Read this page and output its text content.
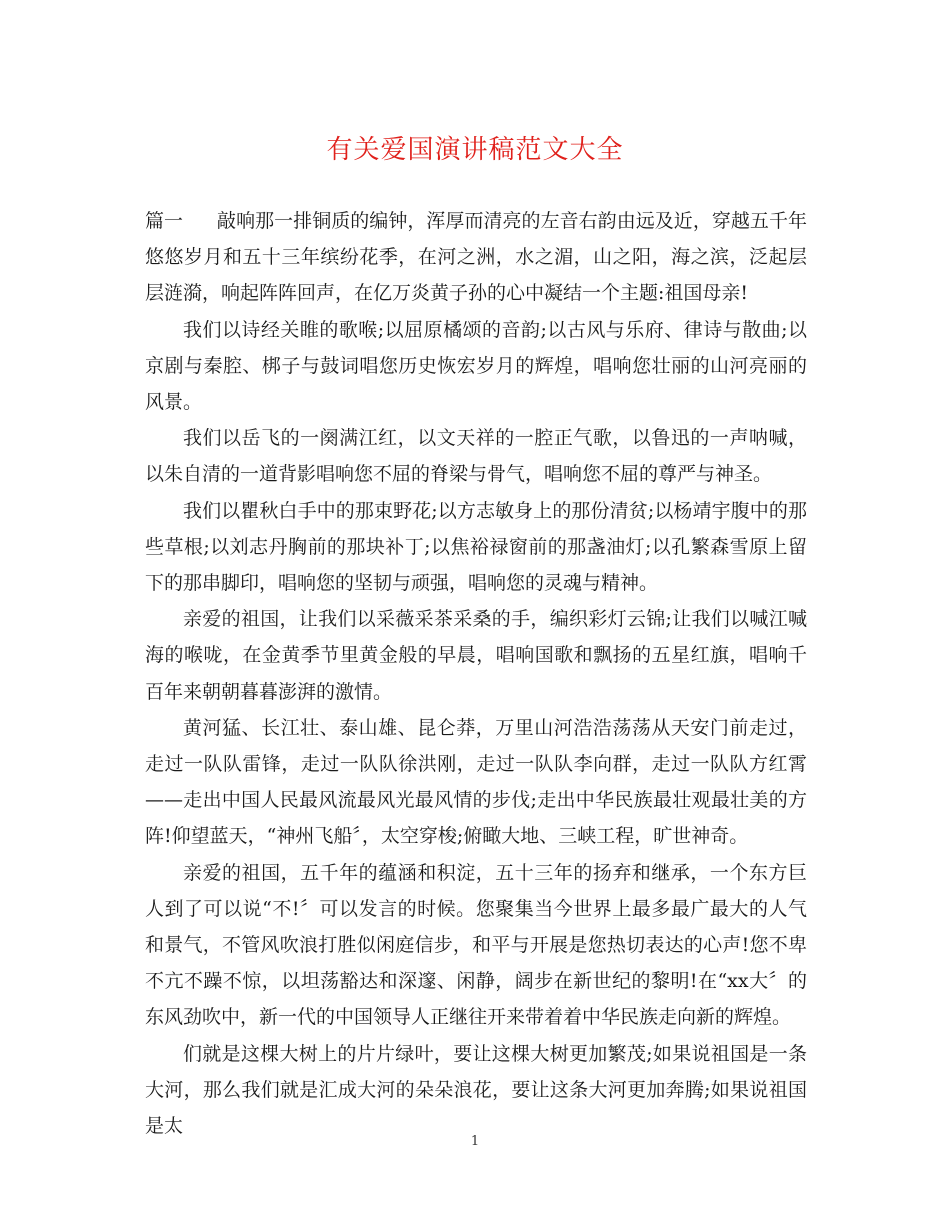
有关爱国演讲稿范文大全

篇一 敲响那一排铜质的编钟，浑厚而清亮的左音右韵由远及近，穿越五千年悠悠岁月和五十三年缤纷花季，在河之洲，水之湄，山之阳，海之滨，泛起层层涟漪，响起阵阵回声，在亿万炎黄子孙的心中凝结一个主题:祖国母亲!

我们以诗经关睢的歌喉;以屈原橘颂的音韵;以古风与乐府、律诗与散曲;以京剧与秦腔、梆子与鼓词唱您历史恢宏岁月的辉煌，唱响您壮丽的山河亮丽的风景。

我们以岳飞的一阕满江红，以文天祥的一腔正气歌，以鲁迅的一声呐喊，以朱自清的一道背影唱响您不屈的脊梁与骨气，唱响您不屈的尊严与神圣。

我们以瞿秋白手中的那束野花;以方志敏身上的那份清贫;以杨靖宇腹中的那些草根;以刘志丹胸前的那块补丁;以焦裕禄窗前的那盏油灯;以孔繁森雪原上留下的那串脚印，唱响您的坚韧与顽强，唱响您的灵魂与精神。

亲爱的祖国，让我们以采薇采茶采桑的手，编织彩灯云锦;让我们以喊江喊海的喉咙，在金黄季节里黄金般的早晨，唱响国歌和飘扬的五星红旗，唱响千百年来朝朝暮暮澎湃的激情。

黄河猛、长江壮、泰山雄、昆仑莽，万里山河浩浩荡荡从天安门前走过，走过一队队雷锋，走过一队队徐洪刚，走过一队队李向群，走过一队队方红霄——走出中国人民最风流最风光最风情的步伐;走出中华民族最壮观最壮美的方阵!仰望蓝天，“神州飞船〞，太空穿梭;俯瞰大地、三峡工程，旷世神奇。

亲爱的祖国，五千年的蕴涵和积淀，五十三年的扬弃和继承，一个东方巨人到了可以说“不!〞可以发言的时候。您聚集当今世界上最多最广最大的人气和景气，不管风吹浪打胜似闲庭信步，和平与开展是您热切表达的心声!您不卑不亢不躁不惊，以坦荡豁达和深邃、闲静，阔步在新世纪的黎明!在“xx大〞的东风劲吹中，新一代的中国领导人正继往开来带着着中华民族走向新的辉煌。

们就是这棵大树上的片片绿叶，要让这棵大树更加繁茂;如果说祖国是一条大河，那么我们就是汇成大河的朵朵浪花，要让这条大河更加奔腾;如果说祖国是太

1
